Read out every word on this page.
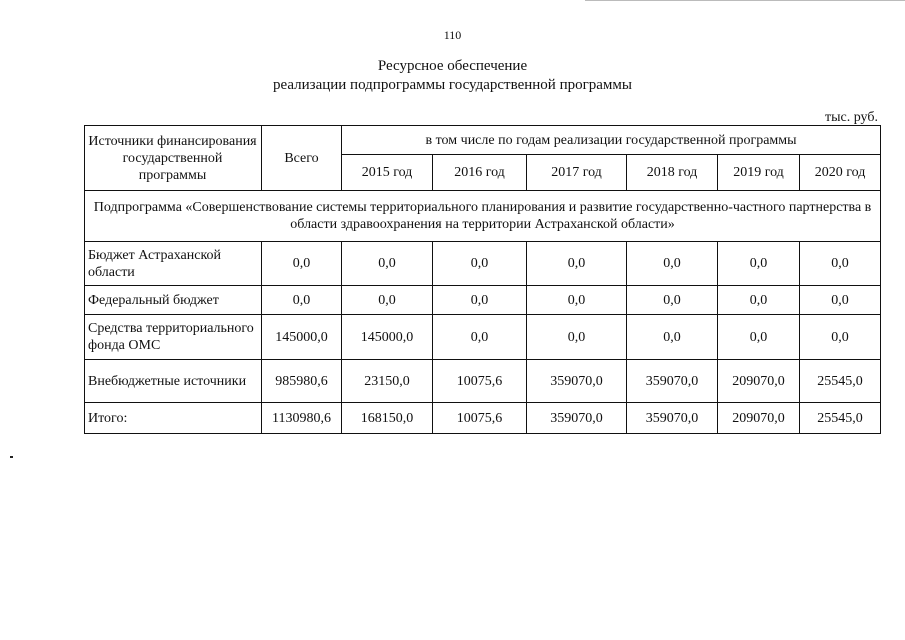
110
Ресурсное обеспечение
реализации подпрограммы государственной программы
тыс. руб.
Источники финансирования государственной программы	Всего	в том числе по годам реализации государственной программы					
		2015 год	2016 год	2017 год	2018 год	2019 год	2020 год
Подпрограмма «Совершенствование системы территориального планирования и развитие государственно-частного партнерства в области здравоохранения на территории Астраханской области»							
Бюджет Астраханской области	0,0	0,0	0,0	0,0	0,0	0,0	0,0
Федеральный бюджет	0,0	0,0	0,0	0,0	0,0	0,0	0,0
Средства территориального фонда ОМС	145000,0	145000,0	0,0	0,0	0,0	0,0	0,0
Внебюджетные источники	985980,6	23150,0	10075,6	359070,0	359070,0	209070,0	25545,0
Итого:	1130980,6	168150,0	10075,6	359070,0	359070,0	209070,0	25545,0
